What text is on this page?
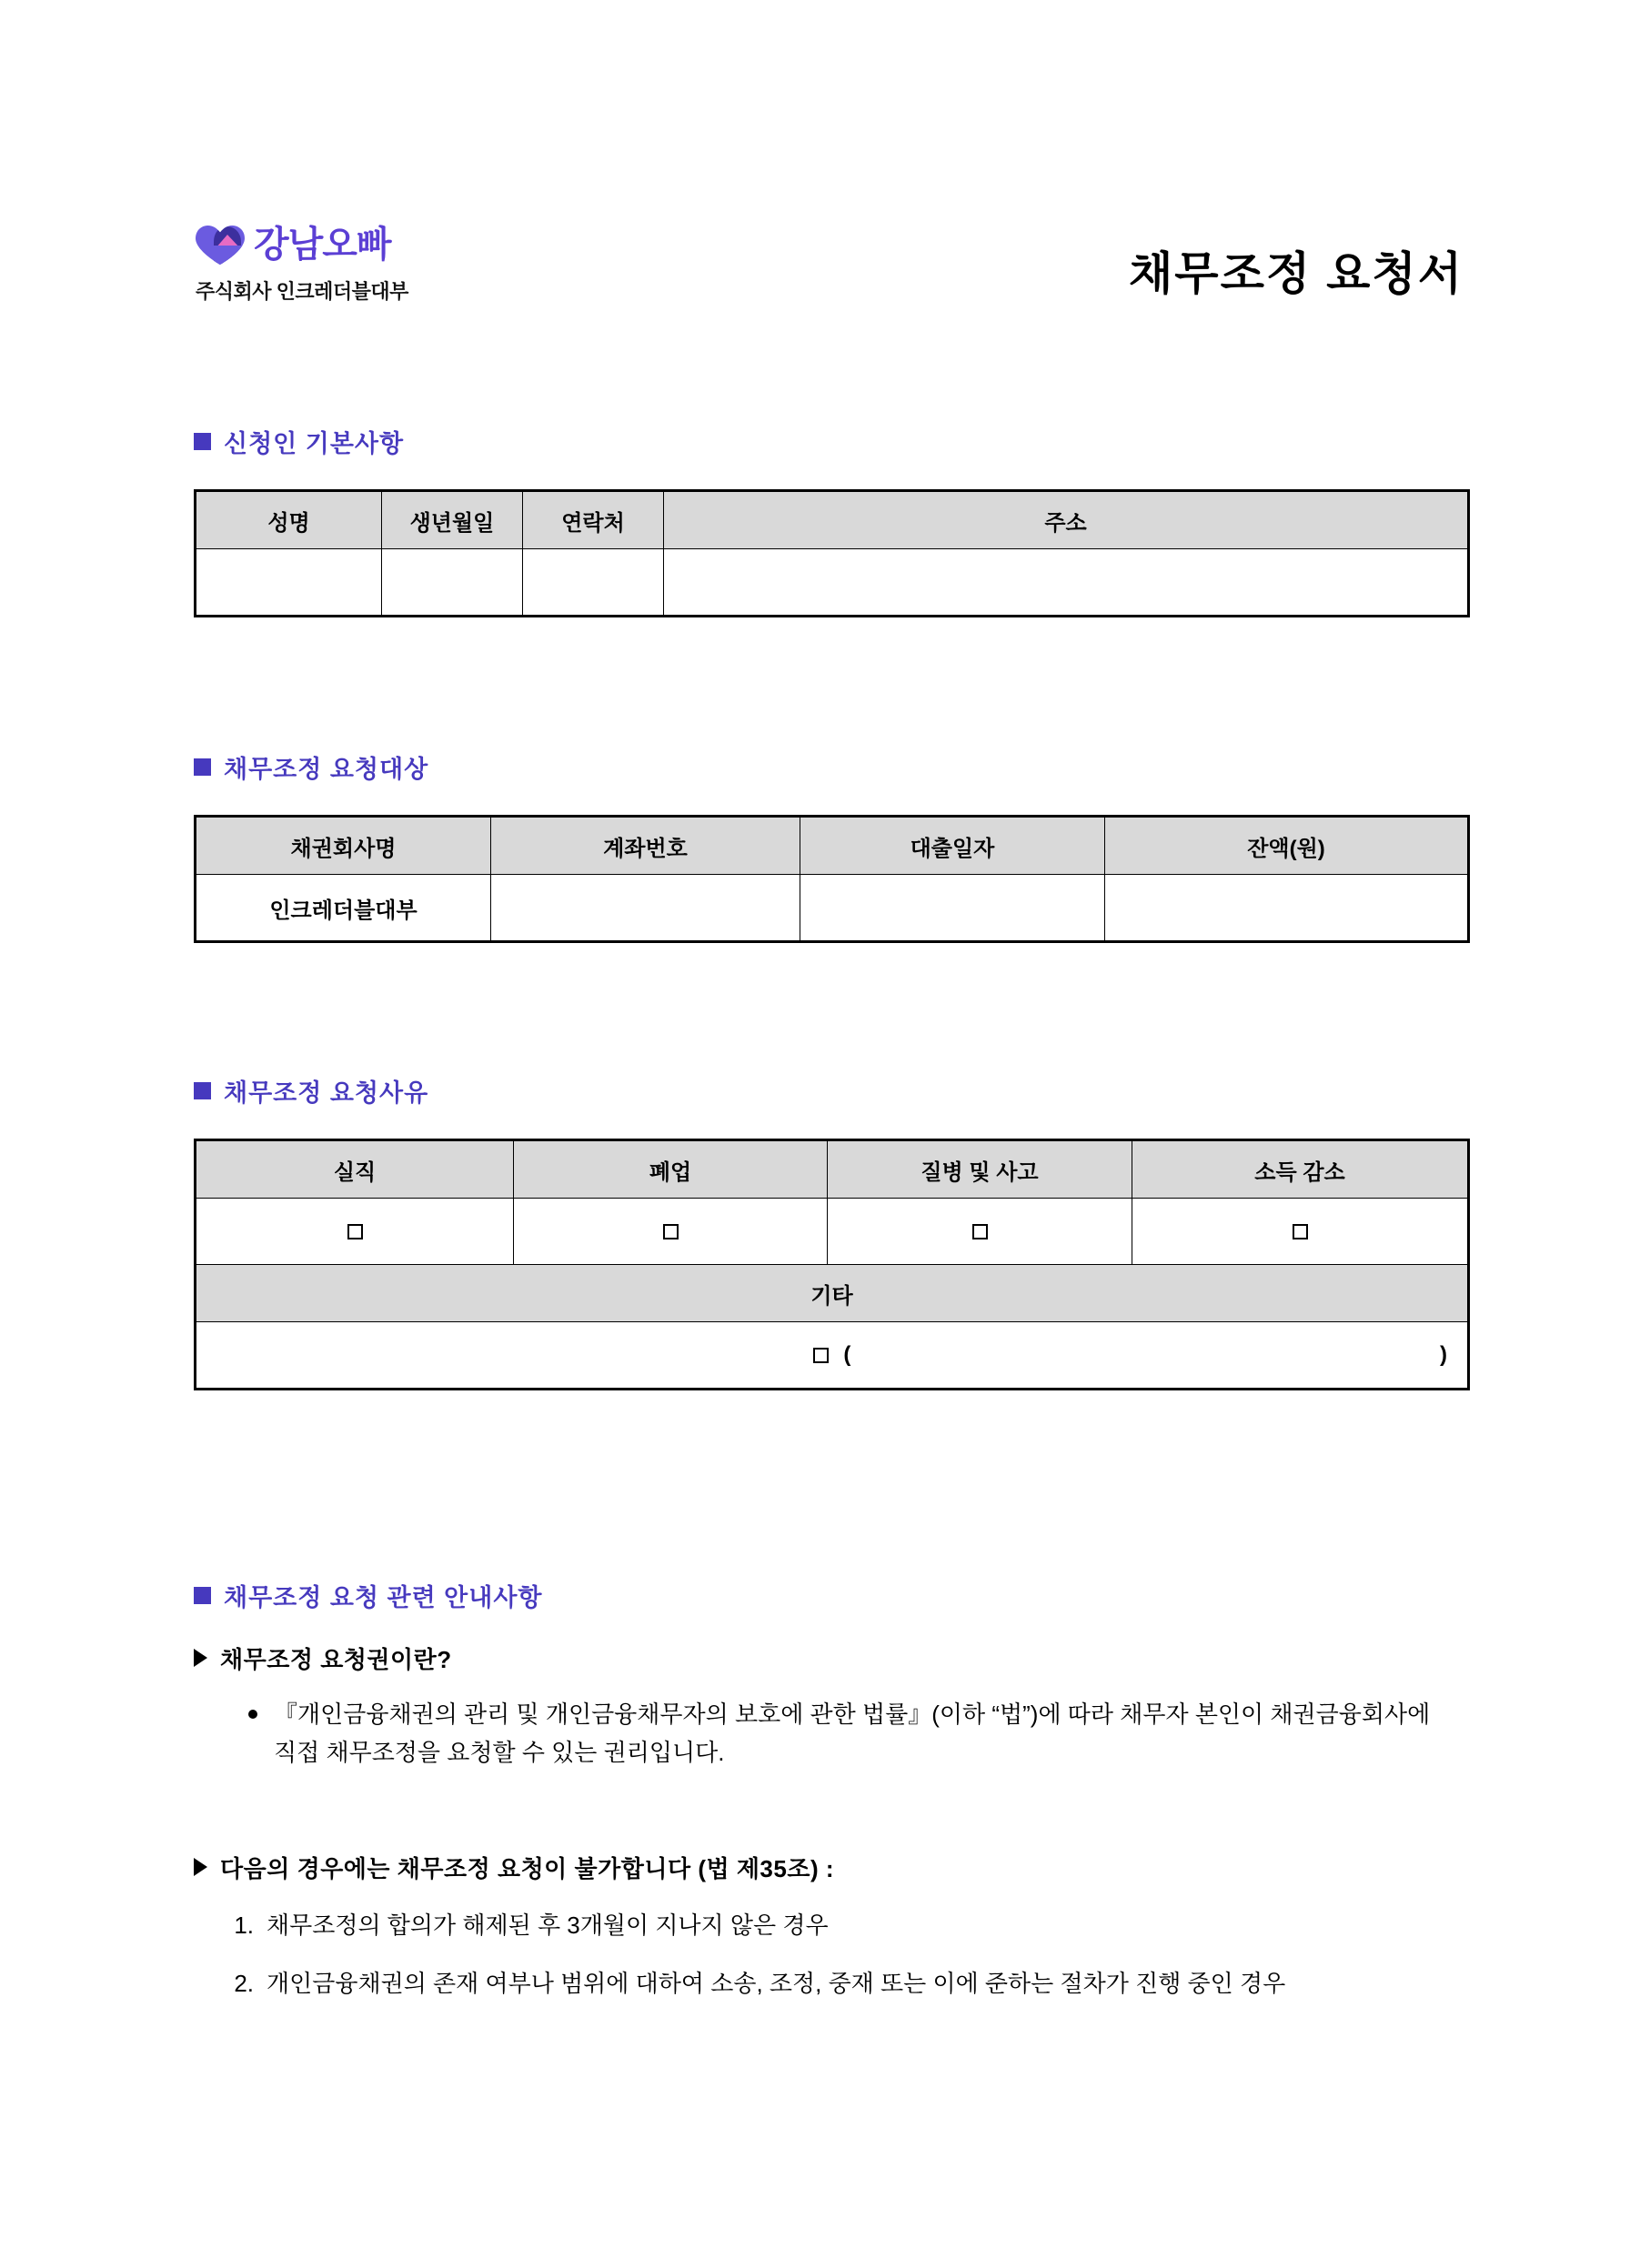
강남오빠
주식회사 인크레더블대부	채무조정 요청서
신청인 기본사항
성명	생년월일	연락처	주소

채무조정 요청대상
채권회사명	계좌번호	대출일자	잔액(원)
인크레더블대부			
채무조정 요청사유
실직	폐업	질병 및 사고	소득 감소

기타			

( )			
채무조정 요청 관련 안내사항
채무조정 요청권이란?
『개인금융채권의 관리 및 개인금융채무자의 보호에 관한 법률』(이하 “법”)에 따라 채무자 본인이 채권금융회사에 직접 채무조정을 요청할 수 있는 권리입니다.
다음의 경우에는 채무조정 요청이 불가합니다 (법 제35조) :
1. 채무조정의 합의가 해제된 후 3개월이 지나지 않은 경우
2. 개인금융채권의 존재 여부나 범위에 대하여 소송, 조정, 중재 또는 이에 준하는 절차가 진행 중인 경우
